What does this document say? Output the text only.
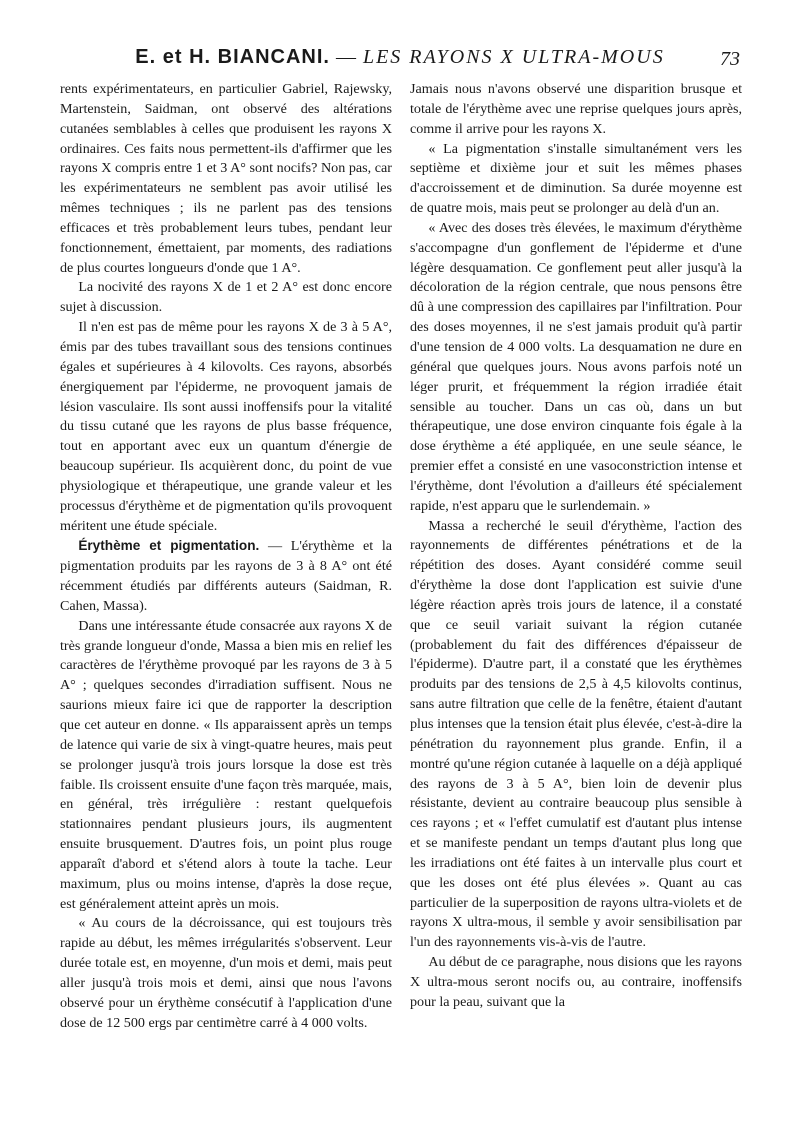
E. et H. BIANCANI. — LES RAYONS X ULTRA-MOUS	73

rents expérimentateurs, en particulier Gabriel, Rajewsky, Martenstein, Saidman, ont observé des altérations cutanées semblables à celles que produisent les rayons X ordinaires. Ces faits nous permettent-ils d'affirmer que les rayons X compris entre 1 et 3 A° sont nocifs? Non pas, car les expérimentateurs ne semblent pas avoir utilisé les mêmes techniques ; ils ne parlent pas des tensions efficaces et très probablement leurs tubes, pendant leur fonctionnement, émettaient, par moments, des radiations de plus courtes longueurs d'onde que 1 A°.

La nocivité des rayons X de 1 et 2 A° est donc encore sujet à discussion.

Il n'en est pas de même pour les rayons X de 3 à 5 A°, émis par des tubes travaillant sous des tensions continues égales et supérieures à 4 kilovolts. Ces rayons, absorbés énergiquement par l'épiderme, ne provoquent jamais de lésion vasculaire. Ils sont aussi inoffensifs pour la vitalité du tissu cutané que les rayons de plus basse fréquence, tout en apportant avec eux un quantum d'énergie de beaucoup supérieur. Ils acquièrent donc, du point de vue physiologique et thérapeutique, une grande valeur et les processus d'érythème et de pigmentation qu'ils provoquent méritent une étude spéciale.

Érythème et pigmentation. — L'érythème et la pigmentation produits par les rayons de 3 à 8 A° ont été récemment étudiés par différents auteurs (Saidman, R. Cahen, Massa).

Dans une intéressante étude consacrée aux rayons X de très grande longueur d'onde, Massa a bien mis en relief les caractères de l'érythème provoqué par les rayons de 3 à 5 A° ; quelques secondes d'irradiation suffisent. Nous ne saurions mieux faire ici que de rapporter la description que cet auteur en donne. « Ils apparaissent après un temps de latence qui varie de six à vingt-quatre heures, mais peut se prolonger jusqu'à trois jours lorsque la dose est très faible. Ils croissent ensuite d'une façon très marquée, mais, en général, très irrégulière : restant quelquefois stationnaires pendant plusieurs jours, ils augmentent ensuite brusquement. D'autres fois, un point plus rouge apparaît d'abord et s'étend alors à toute la tache. Leur maximum, plus ou moins intense, d'après la dose reçue, est généralement atteint après un mois.

« Au cours de la décroissance, qui est toujours très rapide au début, les mêmes irrégularités s'observent. Leur durée totale est, en moyenne, d'un mois et demi, mais peut aller jusqu'à trois mois et demi, ainsi que nous l'avons observé pour un érythème consécutif à l'application d'une dose de 12 500 ergs par centimètre carré à 4 000 volts.

Jamais nous n'avons observé une disparition brusque et totale de l'érythème avec une reprise quelques jours après, comme il arrive pour les rayons X.

« La pigmentation s'installe simultanément vers les septième et dixième jour et suit les mêmes phases d'accroissement et de diminution. Sa durée moyenne est de quatre mois, mais peut se prolonger au delà d'un an.

« Avec des doses très élevées, le maximum d'érythème s'accompagne d'un gonflement de l'épiderme et d'une légère desquamation. Ce gonflement peut aller jusqu'à la décoloration de la région centrale, que nous pensons être dû à une compression des capillaires par l'infiltration. Pour des doses moyennes, il ne s'est jamais produit qu'à partir d'une tension de 4 000 volts. La desquamation ne dure en général que quelques jours. Nous avons parfois noté un léger prurit, et fréquemment la région irradiée était sensible au toucher. Dans un cas où, dans un but thérapeutique, une dose environ cinquante fois égale à la dose érythème a été appliquée, en une seule séance, le premier effet a consisté en une vasoconstriction intense et l'érythème, dont l'évolution a d'ailleurs été spécialement rapide, n'est apparu que le surlendemain. »

Massa a recherché le seuil d'érythème, l'action des rayonnements de différentes pénétrations et de la répétition des doses. Ayant considéré comme seuil d'érythème la dose dont l'application est suivie d'une légère réaction après trois jours de latence, il a constaté que ce seuil variait suivant la région cutanée (probablement du fait des différences d'épaisseur de l'épiderme). D'autre part, il a constaté que les érythèmes produits par des tensions de 2,5 à 4,5 kilovolts continus, sans autre filtration que celle de la fenêtre, étaient d'autant plus intenses que la tension était plus élevée, c'est-à-dire la pénétration du rayonnement plus grande. Enfin, il a montré qu'une région cutanée à laquelle on a déjà appliqué des rayons de 3 à 5 A°, bien loin de devenir plus résistante, devient au contraire beaucoup plus sensible à ces rayons ; et « l'effet cumulatif est d'autant plus intense et se manifeste pendant un temps d'autant plus long que les irradiations ont été faites à un intervalle plus court et que les doses ont été plus élevées ». Quant au cas particulier de la superposition de rayons ultra-violets et de rayons X ultra-mous, il semble y avoir sensibilisation par l'un des rayonnements vis-à-vis de l'autre.

Au début de ce paragraphe, nous disions que les rayons X ultra-mous seront nocifs ou, au contraire, inoffensifs pour la peau, suivant que la
